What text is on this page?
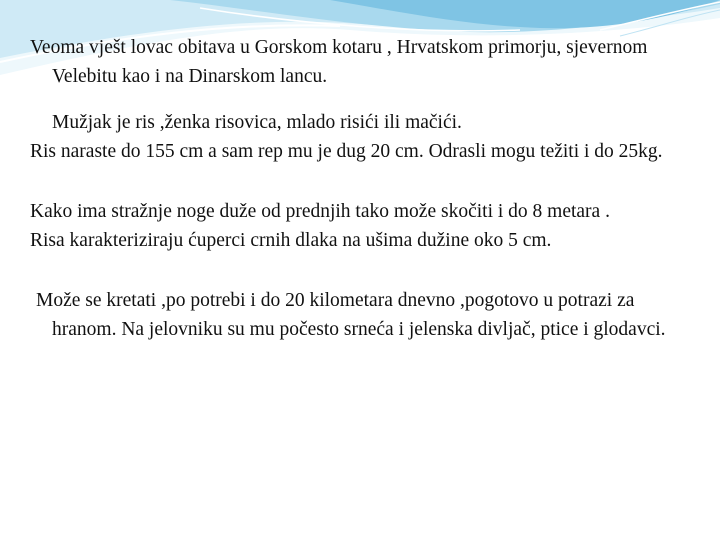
Veoma vješt lovac obitava u Gorskom kotaru , Hrvatskom primorju, sjevernom Velebitu kao i na Dinarskom lancu.

Mužjak je ris ,ženka risovica, mlado risići ili mačići.

Ris naraste do 155 cm a sam rep mu je dug 20 cm. Odrasli mogu težiti i do 25kg.

Kako ima stražnje noge duže od prednjih tako može skočiti i do 8 metara .

Risa karakteriziraju ćuperci crnih dlaka na ušima dužine oko 5 cm.

Može se kretati ,po potrebi i do 20 kilometara dnevno ,pogotovo u potrazi za hranom. Na jelovniku su mu počesto srneća i jelenska divljač, ptice i glodavci.
